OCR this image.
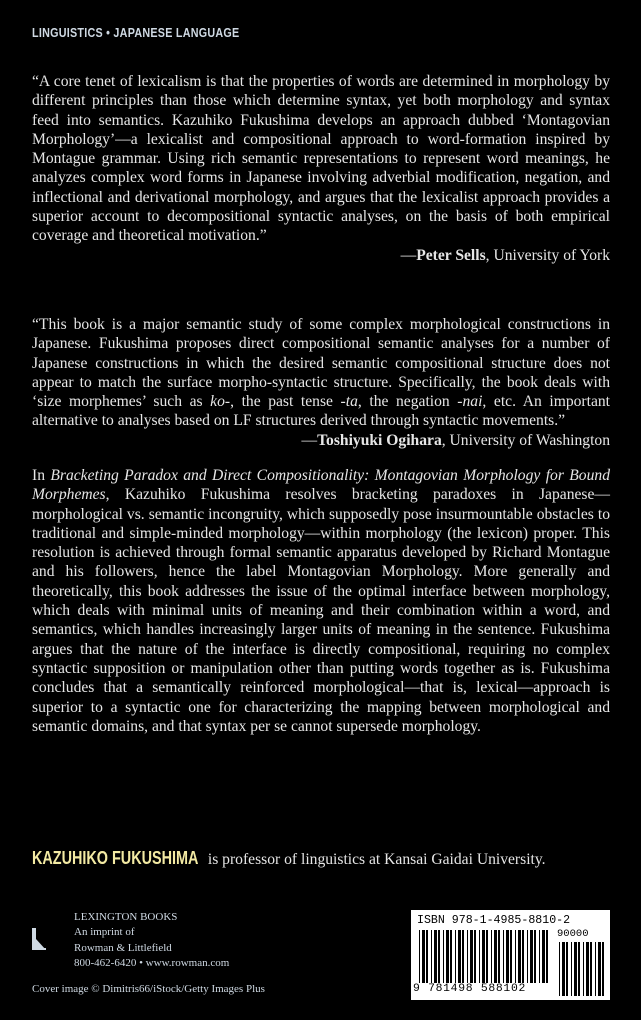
LINGUISTICS • JAPANESE LANGUAGE

“A core tenet of lexicalism is that the properties of words are determined in morphology by different principles than those which determine syntax, yet both morphology and syntax feed into semantics. Kazuhiko Fukushima develops an approach dubbed ‘Montagovian Morphology’—a lexicalist and compositional approach to word-formation inspired by Montague grammar. Using rich semantic representations to represent word meanings, he analyzes complex word forms in Japanese involving adverbial modification, negation, and inflectional and derivational morphology, and argues that the lexicalist approach provides a superior account to decompositional syntactic analyses, on the basis of both empirical coverage and theoretical motivation.”
—Peter Sells, University of York

“This book is a major semantic study of some complex morphological constructions in Japanese. Fukushima proposes direct compositional semantic analyses for a number of Japanese constructions in which the desired semantic compositional structure does not appear to match the surface morpho-syntactic structure. Specifically, the book deals with ‘size morphemes’ such as ko-, the past tense -ta, the negation -nai, etc. An important alternative to analyses based on LF structures derived through syntactic movements.”
—Toshiyuki Ogihara, University of Washington

In Bracketing Paradox and Direct Compositionality: Montagovian Morphology for Bound Morphemes, Kazuhiko Fukushima resolves bracketing paradoxes in Japanese—morphological vs. semantic incongruity, which supposedly pose insurmountable obstacles to traditional and simple-minded morphology—within morphology (the lexicon) proper. This resolution is achieved through formal semantic apparatus developed by Richard Montague and his followers, hence the label Montagovian Morphology. More generally and theoretically, this book addresses the issue of the optimal interface between morphology, which deals with minimal units of meaning and their combination within a word, and semantics, which handles increasingly larger units of meaning in the sentence. Fukushima argues that the nature of the interface is directly compositional, requiring no complex syntactic supposition or manipulation other than putting words together as is. Fukushima concludes that a semantically reinforced morphological—that is, lexical—approach is superior to a syntactic one for characterizing the mapping between morphological and semantic domains, and that syntax per se cannot supersede morphology.

KAZUHIKO FUKUSHIMA is professor of linguistics at Kansai Gaidai University.

LEXINGTON BOOKS
An imprint of
Rowman & Littlefield
800-462-6420 • www.rowman.com

Cover image © Dimitris66/iStock/Getty Images Plus

ISBN 978-1-4985-8810-2

90000

9 781498 588102
